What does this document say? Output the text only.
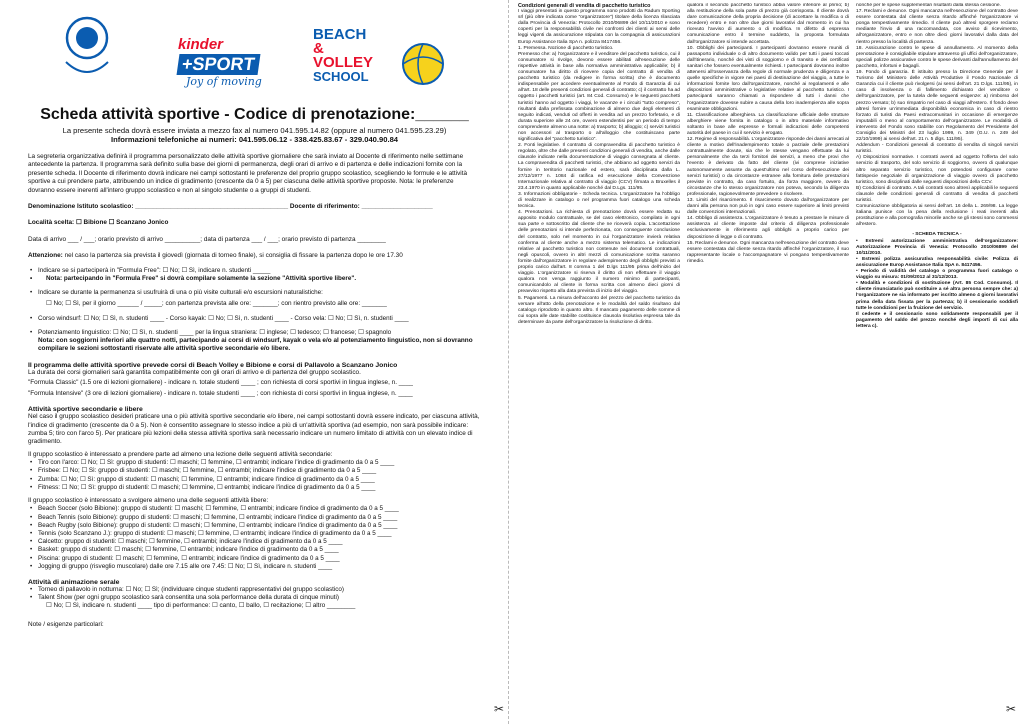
kinder
+SPORT
Joy of moving
BEACH
& VOLLEY
SCHOOL
Scheda attività sportive - Codice di prenotazione:______
La presente scheda dovrà essere inviata a mezzo fax al numero 041.595.14.82 (oppure al numero 041.595.23.29)
Informazioni telefoniche ai numeri: 041.595.06.12 - 338.425.83.67 - 329.040.90.84

La segreteria organizzativa definirà il programma personalizzato delle attività sportive giornaliere che sarà inviato al Docente di riferimento nelle settimane antecedente la partenza. Il programma sarà definito sulla base dei giorni di permanenza, degli orari di arrivo e di partenza e delle indicazioni fornite con la presente scheda. Il Docente di riferimento dovrà indicare nei campi sottostanti le preferenze del proprio gruppo scolastico, scegliendo le formule e le attività sportive a cui prendere parte, attribuendo un indice di gradimento (crescente da 0 a 5) per ciascuna delle attività sportive proposte. Nota: le preferenze dovranno essere inerenti all'intero gruppo scolastico e non al singolo studente o a gruppi di studenti.

Denominazione Istituto scolastico: ___________________________________________ Docente di riferimento: ____________________
Località scelta: ☐ Bibione ☐ Scanzano Jonico
Data di arrivo ___ / ___; orario previsto di arrivo __________; data di partenza ___ / ___; orario previsto di partenza ________
Attenzione: nel caso la partenza sia prevista il giovedì (giornata di torneo finale), si consiglia di fissare la partenza dopo le ore 17.30
• Indicare se si parteciperà in "Formula Free": ☐ No; ☐ Sì, indicare n. studenti _____
• Nota: partecipando in "Formula Free" si dovrà compilare solamente la sezione "Attività sportive libere".
• Indicare se durante la permanenza si usufruirà di una o più visite culturali e/o escursioni naturalistiche:
☐ No; ☐ Sì, per il giorno ______ / _____; con partenza prevista alle ore: _______; con rientro previsto alle ore: _______
• Corso windsurf: ☐ No; ☐ Sì, n. studenti ____ - Corso kayak: ☐ No; ☐ Sì, n. studenti ____ - Corso vela: ☐ No; ☐ Sì, n. studenti ____
• Potenziamento linguistico: ☐ No; ☐ Sì, n. studenti ____ per la lingua straniera: ☐ inglese; ☐ tedesco; ☐ francese; ☐ spagnolo
Nota: con soggiorni inferiori alle quattro notti, partecipando ai corsi di windsurf, kayak o vela e/o al potenziamento linguistico, non si dovranno compilare le sezioni sottostanti riservate alle attività sportive secondarie e/o libere.
Il programma delle attività sportive prevede corsi di Beach Volley e Bibione e corsi di Pallavolo a Scanzano Jonico
La durata dei corsi giornalieri sarà garantita compatibilmente con gli orari di arrivo e di partenza del gruppo scolastico.
"Formula Classic" (1.5 ore di lezioni giornaliere) - indicare n. totale studenti ____ ; con richiesta di corsi sportivi in lingua inglese, n. ____
"Formula Intensive" (3 ore di lezioni giornaliere) - indicare n. totale studenti ____ ; con richiesta di corsi sportivi in lingua inglese, n. ____
Attività sportive secondarie e libere

Nel caso il gruppo scolastico desideri praticare una o più attività sportive secondarie e/o libere, nei campi sottostanti dovrà essere indicato, per ciascuna attività, l'indice di gradimento (crescente da 0 a 5). Non è consentito assegnare lo stesso indice a più di un'attività sportiva (ad esempio, non sarà possibile indicare: zumba 5; tiro con l'arco 5). Per praticare più lezioni della stessa attività sportiva sarà necessario indicare un numero limitato di attività con un elevato indice di gradimento.

Il gruppo scolastico è interessato a prendere parte ad almeno una lezione delle seguenti attività secondarie:
• Tiro con l'arco: ☐ No; ☐ Sì: gruppo di studenti: ☐ maschi; ☐ femmine, ☐ entrambi; indicare l'indice di gradimento da 0 a 5 ____
• Frisbee: ☐ No; ☐ Sì: gruppo di studenti: ☐ maschi; ☐ femmine, ☐ entrambi; indicare l'indice di gradimento da 0 a 5 ____
• Zumba: ☐ No; ☐ Sì: gruppo di studenti: ☐ maschi; ☐ femmine, ☐ entrambi; indicare l'indice di gradimento da 0 a 5 ____
• Fitness: ☐ No; ☐ Sì: gruppo di studenti: ☐ maschi; ☐ femmine, ☐ entrambi; indicare l'indice di gradimento da 0 a 5 ____
Il gruppo scolastico è interessato a svolgere almeno una delle seguenti attività libere:
• Beach Soccer (solo Bibione): gruppo di studenti: ☐ maschi; ☐ femmine, ☐ entrambi; indicare l'indice di gradimento da 0 a 5 ____
• Beach Tennis (solo Bibione): gruppo di studenti: ☐ maschi; ☐ femmine, ☐ entrambi; indicare l'indice di gradimento da 0 a 5 ____
• Beach Rugby (solo Bibione): gruppo di studenti: ☐ maschi; ☐ femmine, ☐ entrambi; indicare l'indice di gradimento da 0 a 5 ____
• Tennis (solo Scanzano J.): gruppo di studenti: ☐ maschi; ☐ femmine, ☐ entrambi; indicare l'indice di gradimento da 0 a 5 ____
• Calcetto: gruppo di studenti: ☐ maschi; ☐ femmine, ☐ entrambi; indicare l'indice di gradimento da 0 a 5 ____
• Basket: gruppo di studenti: ☐ maschi; ☐ femmine, ☐ entrambi; indicare l'indice di gradimento da 0 a 5 ____
• Piscina: gruppo di studenti: ☐ maschi; ☐ femmine, ☐ entrambi; indicare l'indice di gradimento da 0 a 5 ____
• Jogging di gruppo (risveglio muscolare) dalle ore 7.15 alle ore 7.45: ☐ No; ☐ Sì, indicare n. studenti ____
Attività di animazione serale
• Torneo di pallavolo in notturna: ☐ No; ☐ Sì; (individuare cinque studenti rappresentativi del gruppo scolastico)
• Talent Show (per ogni gruppo scolastico sarà consentita una sola performance della durata di cinque minuti)
☐ No; ☐ Sì, indicare n. studenti ____ tipo di performance: ☐ canto, ☐ ballo, ☐ recitazione; ☐ altro ________
Note / esigenze particolari:
✂
Condizioni generali di vendita di pacchetto turistico
I viaggi presentati in questo programma sono prodotti da Radum Sporting srl (più oltre indicata come "organizzatore") titolare della licenza rilasciata dalla Provincia di Venezia: Protocollo 2010/06899 del 10/11/2010 e sono coperti per la responsabilità civile nei confronti dei clienti ai sensi delle leggi vigenti da assicurazione stipulata con la compagnia di assicurazioni Europ Assistance Italia SpA n. polizza 8417456.
1. Premessa. Nozione di pacchetto turistico.
Premesso che: a) l'organizzatore e il venditore del pacchetto turistico, cui il consumatore si rivolge, devono essere abilitati all'esecuzione delle rispettive attività in base alla normativa amministrativa applicabile; b) il consumatore ha diritto di ricevere copia del contratto di vendita di pacchetto turistico (da redigere in forma scritta) che è documento indispensabile per accedere eventualmente al Fondo di Garanzia di cui all'art. 18 delle presenti condizioni generali di contratto; c) il contratto ha ad oggetto i pacchetti turistici (art. 84 Cod. Consumo) e le seguenti pacchetti turistici hanno ad oggetto i viaggi, le vacanze e i circuiti "tutto compreso", risultanti dalla prefissata combinazione di almeno due degli elementi di seguito indicati, venduti od offerti in vendita ad un prezzo forfetario, e di durata superiore alle 24 ore, ovvero estendentisi per un periodo di tempo comprendente almeno una notte: a) trasporto; b) alloggio; c) servizi turistici non accessori al trasporto o all'alloggio che costituiscano parte significativa del "pacchetto turistico".
2. Fonti legislative. Il contratto di compravendita di pacchetto turistico è regolato, oltre che dalle presenti condizioni generali di vendita, anche dalle clausole indicate nella documentazione di viaggio consegnata al cliente. La compravendita di pacchetti turistici, che abbiano ad oggetto servizi da fornire in territorio nazionale ed estero, sarà disciplinata dalla L. 27/12/1977 n. 1084 di ratifica ed esecuzione della Convenzione Internazionale relativa al contratto di viaggio (CCV) firmata a Bruxelles il 23.4.1970 in quanto applicabile nonché dal D.Lgs. 111/95.
3. Informazioni obbligatorie - Scheda tecnica. L'organizzatore ha l'obbligo di realizzare in catalogo o nel programma fuori catalogo una scheda tecnica.
4. Prenotazioni. La richiesta di prenotazione dovrà essere redatta su apposito modulo contrattuale, se del caso elettronico, compilato in ogni sua parte e sottoscritto dal cliente che ne riceverà copia. L'accettazione delle prenotazioni si intende perfezionata, con conseguente conclusione del contratto, solo nel momento in cui l'organizzatore invierà relativa conferma al cliente anche a mezzo sistema telematico. Le indicazioni relative al pacchetto turistico non contenute nei documenti contrattuali, negli opuscoli, ovvero in altri mezzi di comunicazione scritta saranno fornite dall'organizzatore in regolare adempimento degli obblighi previsti a proprio carico dall'art. 8 comma 1 del D.lgs 111/95 prima dell'inizio del viaggio. L'organizzatore si riserva il diritto di non effettuare il viaggio qualora non venga raggiunto il numero minimo di partecipanti, comunicandolo al cliente in forma scritta con almeno dieci giorni di preavviso rispetto alla data prevista di inizio del viaggio.
5. Pagamenti. La misura dell'acconto del prezzo del pacchetto turistico da versare all'atto della prenotazione e le modalità del saldo risultano dal catalogo riprodotto in quanto altro. Il mancato pagamento delle somme di cui sopra alle date stabilite costituisce clausola risolutiva espressa tale da determinare da parte dell'organizzatore la risoluzione di diritto.
qualora il secondo pacchetto turistico abbia valore inferiore al primo; b) alla restituzione della sola parte di prezzo già corrisposta. Il cliente dovrà dare comunicazione della propria decisione (di accettare la modifica o di recedere) entro e non oltre due giorni lavorativi dal momento in cui ha ricevuto l'avviso di aumento o di modifica. In difetto di espressa comunicazione entro il termine suddetto, la proposta formulata dall'organizzatore si intende accettata.
10. Obblighi dei partecipanti. I partecipanti dovranno essere muniti di passaporto individuale o di altro documento valido per tutti i paesi toccati dall'itinerario, nonché dei visti di soggiorno e di transito e dei certificati sanitari che fossero eventualmente richiesti. I partecipanti dovranno inoltre attenersi all'osservanza della regole di normale prudenza e diligenza e a quelle specifiche in vigore nei paesi di destinazione del viaggio, a tutte le informazioni fornite loro dall'organizzatore, nonché ai regolamenti e alle disposizioni amministrative o legislative relative al pacchetto turistico. I partecipanti saranno chiamati a rispondere di tutti i danni che l'organizzatore dovesse subire a causa della loro inadempienza alle sopra esaminate obbligazioni.
11. Classificazione alberghiera. La classificazione ufficiale delle strutture alberghiere viene fornita in catalogo o in altro materiale informativo soltanto in base alle espresse e formali indicazioni delle competenti autorità del paese in cui il servizio è erogato.
12. Regime di responsabilità. L'organizzatore risponde dei danni arrecati al cliente a motivo dell'inadempimento totale o parziale delle prestazioni contrattualmente dovute, sia che le stesse vengano effettuate da lui personalmente che da terzi fornitori dei servizi, a meno che provi che l'evento è derivato da fatto del cliente (ivi comprese iniziative autonomamente assunte da quest'ultimo nel corso dell'esecuzione dei servizi turistici) o da circostanze estranee alla fornitura delle prestazioni previste in contratto, da caso fortuito, da forza maggiore, ovvero da circostanze che lo stesso organizzatore non poteva, secondo la diligenza professionale, ragionevolmente prevedere o risolvere.
13. Limiti del risarcimento. Il risarcimento dovuto dall'organizzatore per danni alla persona non può in ogni caso essere superiore ai limiti previsti dalle convenzioni internazionali.
14. Obbligo di assistenza. L'organizzatore è tenuto a prestare le misure di assistenza al cliente imposte dal criterio di diligenza professionale esclusivamente in riferimento agli obblighi a proprio carico per disposizione di legge o di contratto.
15. Reclami e denunce. Ogni mancanza nell'esecuzione del contratto deve essere contestata dal cliente senza ritardo affinché l'organizzatore, il suo rappresentante locale o l'accompagnatore vi pongano tempestivamente rimedio.
nonché per le spese supplementari risultanti dalla stessa cessione.
17. Reclami e denunce. Ogni mancanza nell'esecuzione del contratto deve essere contestata dal cliente senza ritardo affinché l'organizzatore vi ponga tempestivamente rimedio. Il cliente può altresì sporgere reclamo mediante l'invio di una raccomandata, con avviso di ricevimento, all'organizzatore, entro e non oltre dieci giorni lavorativi dalla data del rientro presso la località di partenza.
18. Assicurazione contro le spese di annullamento. Al momento della prenotazione è consigliabile stipulare attraverso gli uffici dell'organizzatore, speciali polizze assicurative contro le spese derivanti dall'annullamento del pacchetto, infortuni e bagagli.
19. Fondo di garanzia. È istituito presso la Direzione Generale per il Turismo del Ministero delle Attività Produttive il Fondo Nazionale di Garanzia cui il cliente può rivolgersi (ai sensi dell'art. 21 D.lgs. 111/95), in caso di insolvenza o di fallimento dichiarato del venditore o dell'organizzatore, per la tutela delle seguenti esigenze: a) rimborso del prezzo versato; b) suo rimpatrio nel caso di viaggi all'estero. Il fondo deve altresì fornire un'immediata disponibilità economica in caso di rientro forzato di turisti da Paesi extracomunitari in occasione di emergenze imputabili o meno al comportamento dell'organizzatore. Le modalità di intervento del Fondo sono stabilite con Regolamento del Presidente del Consiglio dei Ministri del 23 luglio 1999, n. 349 (G.U. n. 249 del 22/10/1999) ai sensi dell'art. 21 n. 5 dlgs. 111/95).
Addendum - Condizioni generali di contratto di vendita di singoli servizi turistici.
A) Disposizioni normative. I contratti aventi ad oggetto l'offerta del solo servizio di trasporto, del solo servizio di soggiorno, ovvero di qualunque altro separato servizio turistico, non potendosi configurare come fattispecie negoziale di organizzazione di viaggio ovvero di pacchetto turistico, sono disciplinati dalle seguenti disposizioni della CCV.
B) Condizioni di contratto. A tali contratti sono altresì applicabili le seguenti clausole delle condizioni generali di contratto di vendita di pacchetti turistici.
Comunicazione obbligatoria ai sensi dell'art. 16 della L. 269/98. La legge italiana punisce con la pena della reclusione i reati inerenti alla prostituzione e alla pornografia minorile anche se gli stessi sono commessi all'estero.
- SCHEDA TECNICA -
• Estremi autorizzazione amministrativa dell'organizzatore: Autorizzazione Provincia di Venezia: Protocollo 2010/06899 del 10/11/2010.
• Estremi polizza assicurativa responsabilità civile: Polizza di assicurazione Europ Assistance Italia SpA n. 8417456.
• Periodo di validità del catalogo o programma fuori catalogo o viaggio su misura: 01/09/2012 al 31/12/2013.
• Modalità e condizioni di sostituzione (Art. 85 Cod. Consumo). Il cliente rinunciatario può sostituire a sé altra persona sempre che: a) l'organizzatore ne sia informato per iscritto almeno 4 giorni lavorativi prima della data fissata per la partenza; b) il cessionario soddisfi tutte le condizioni per la fruizione del servizio.
Il cedente e il cessionario sono solidamente responsabili per il pagamento del saldo del prezzo nonché degli importi di cui alla lettera c).
✂
